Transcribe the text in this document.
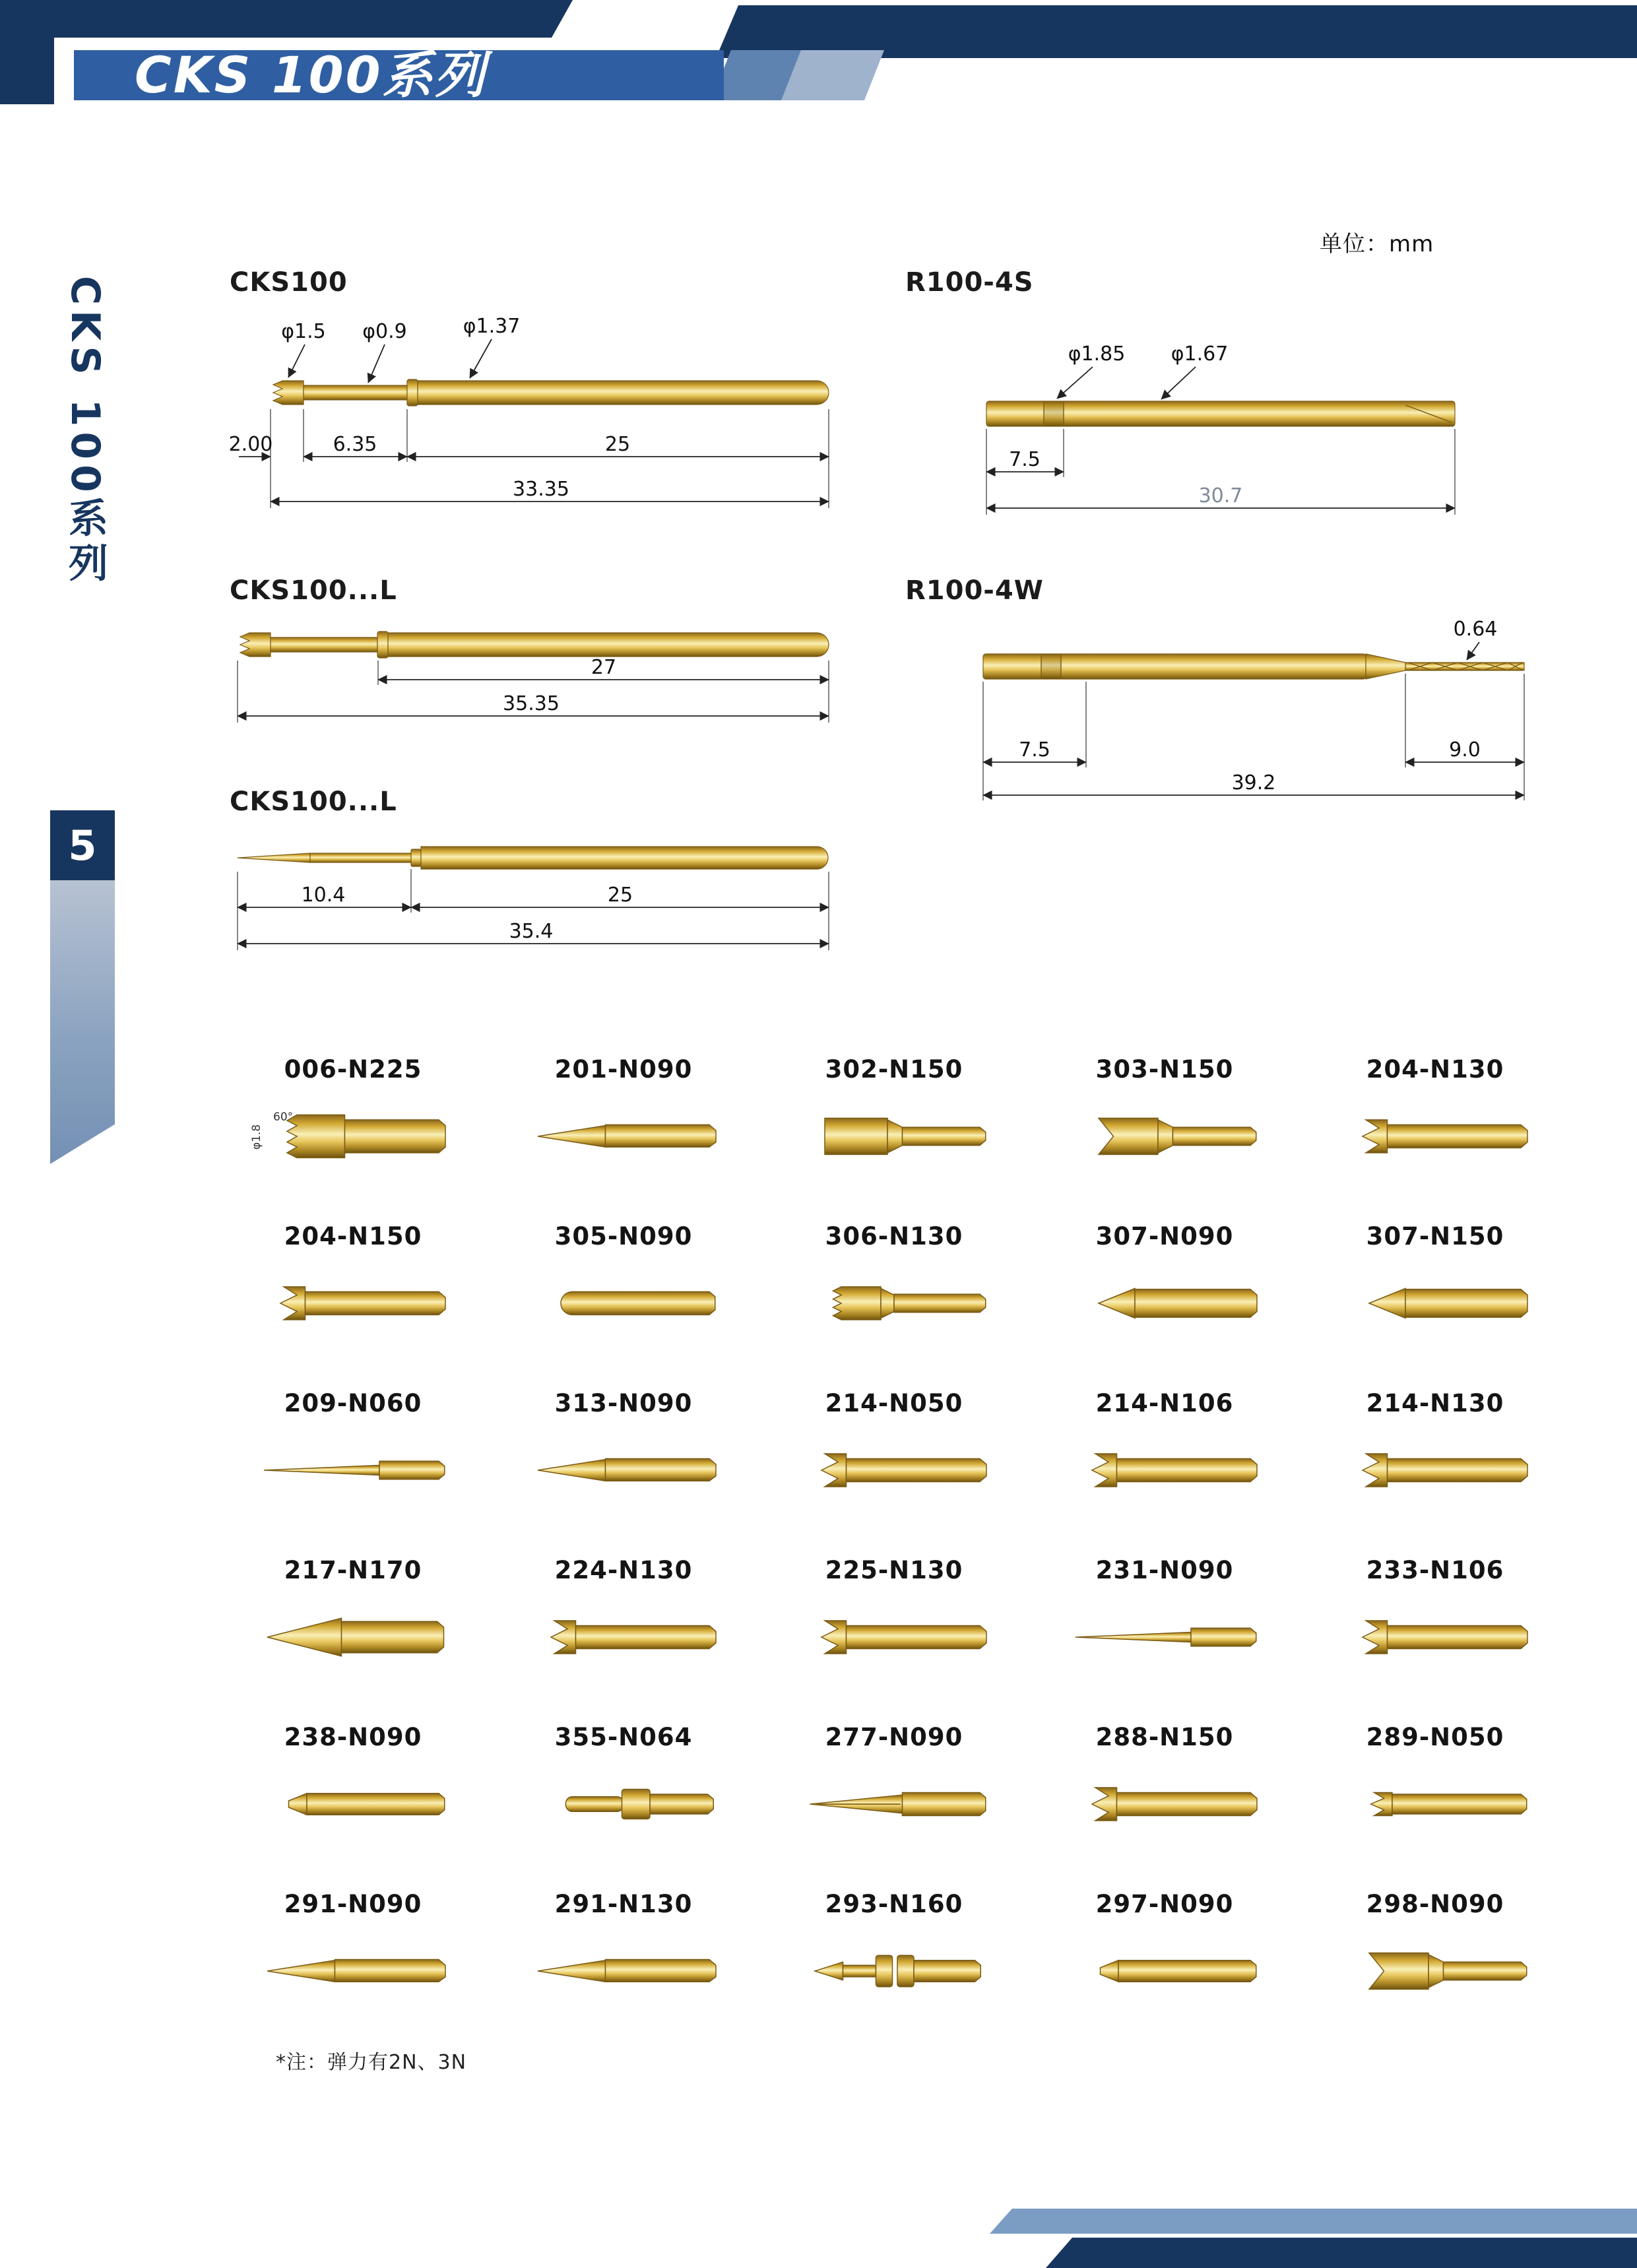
CKS 100系列
CKS 100系列
5
单位：mm
CKS100	R100-4S
CKS100...L	R100-4W
CKS100...L
φ1.5 φ0.9	φ1.37
2.00	6.35	25
33.35
φ1.85 φ1.67
7.5
30.7
27
35.35
0.64
7.5	9.0
39.2
10.4	25
35.4
006-N225
60°
φ1.8
201-N090	302-N150	303-N150	204-N130
204-N150	305-N090	306-N130	307-N090	307-N150
209-N060	313-N090	214-N050	214-N106	214-N130
217-N170	224-N130	225-N130	231-N090	233-N106
238-N090	355-N064	277-N090	288-N150	289-N050
291-N090	291-N130	293-N160	297-N090	298-N090
*注：弹力有2N、3N
